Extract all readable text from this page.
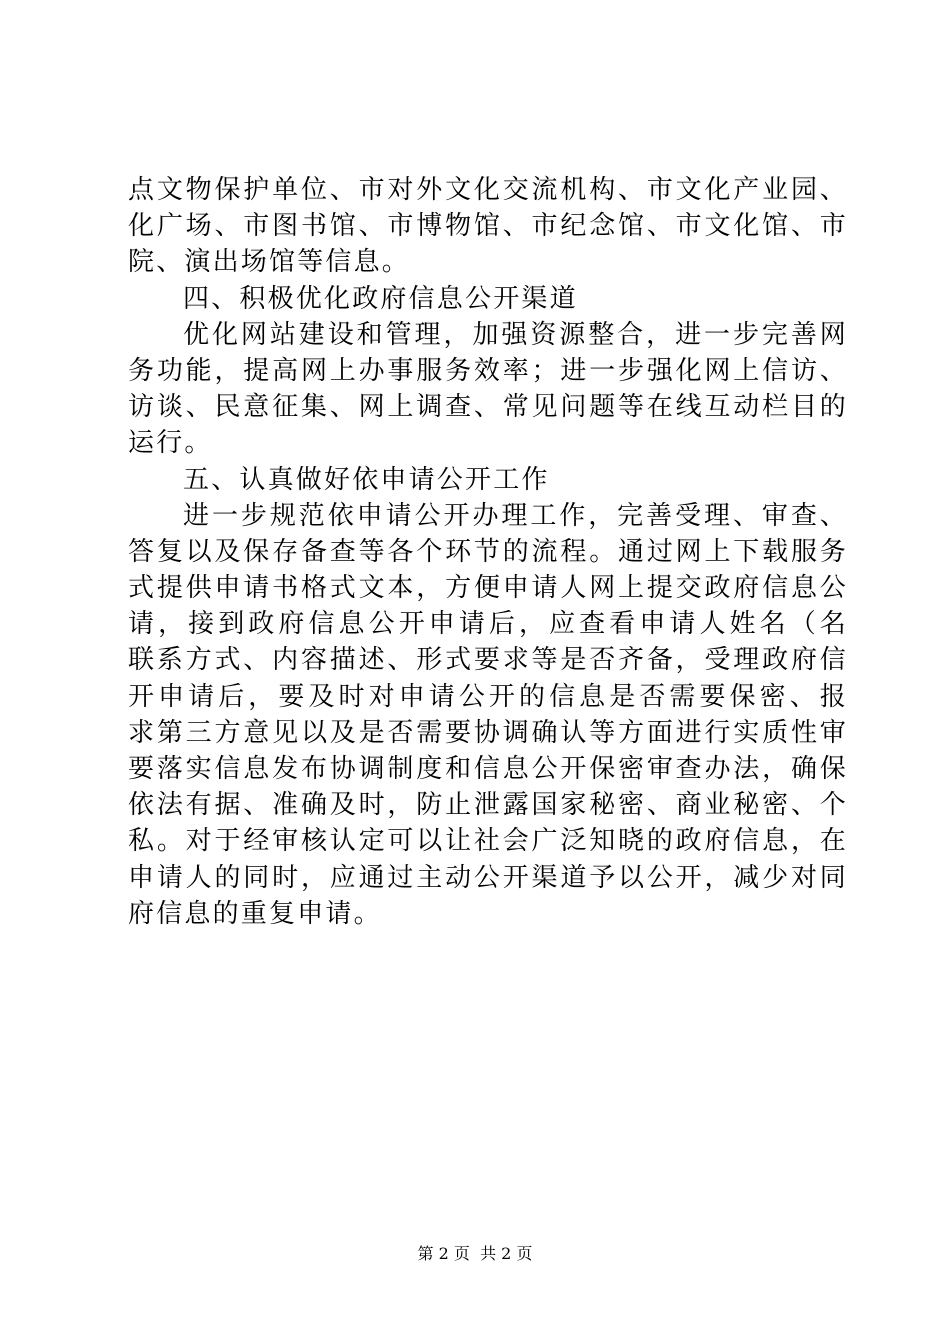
点文物保护单位、市对外文化交流机构、市文化产业园、
化广场、市图书馆、市博物馆、市纪念馆、市文化馆、市
院、演出场馆等信息。
四、积极优化政府信息公开渠道
优化网站建设和管理，加强资源整合，进一步完善网
务功能，提高网上办事服务效率；进一步强化网上信访、
访谈、民意征集、网上调查、常见问题等在线互动栏目的
运行。
五、认真做好依申请公开工作
进一步规范依申请公开办理工作，完善受理、审查、
答复以及保存备查等各个环节的流程。通过网上下载服务
式提供申请书格式文本，方便申请人网上提交政府信息公
请，接到政府信息公开申请后，应查看申请人姓名（名
联系方式、内容描述、形式要求等是否齐备，受理政府信
开申请后，要及时对申请公开的信息是否需要保密、报
求第三方意见以及是否需要协调确认等方面进行实质性审
要落实信息发布协调制度和信息公开保密审查办法，确保
依法有据、准确及时，防止泄露国家秘密、商业秘密、个
私。对于经审核认定可以让社会广泛知晓的政府信息，在
申请人的同时，应通过主动公开渠道予以公开，减少对同
府信息的重复申请。
第 2 页  共 2 页
